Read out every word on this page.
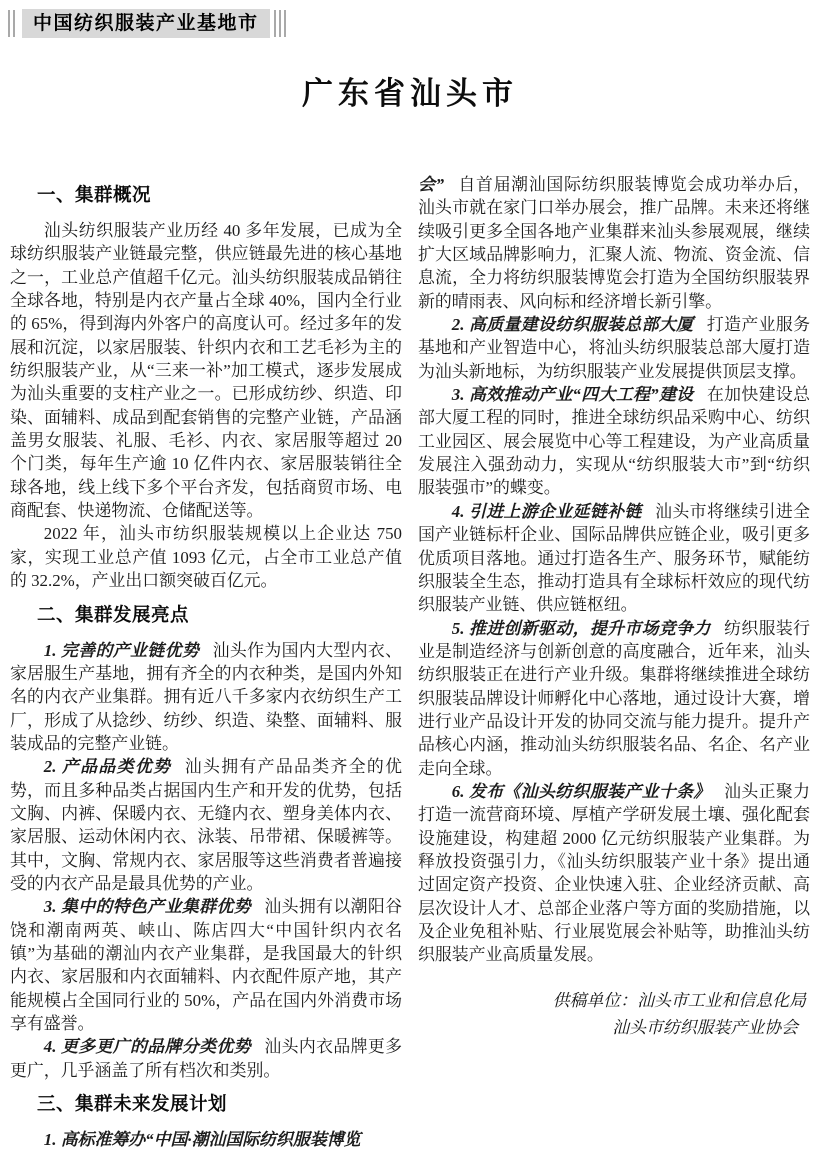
中国纺织服装产业基地市
广东省汕头市
一、集群概况

汕头纺织服装产业历经 40 多年发展，已成为全球纺织服装产业链最完整，供应链最先进的核心基地之一，工业总产值超千亿元。汕头纺织服装成品销往全球各地，特别是内衣产量占全球 40%，国内全行业的 65%，得到海内外客户的高度认可。经过多年的发展和沉淀，以家居服装、针织内衣和工艺毛衫为主的纺织服装产业，从“三来一补”加工模式，逐步发展成为汕头重要的支柱产业之一。已形成纺纱、织造、印染、面辅料、成品到配套销售的完整产业链，产品涵盖男女服装、礼服、毛衫、内衣、家居服等超过 20 个门类，每年生产逾 10 亿件内衣、家居服装销往全球各地，线上线下多个平台齐发，包括商贸市场、电商配套、快递物流、仓储配送等。

2022 年，汕头市纺织服装规模以上企业达 750 家，实现工业总产值 1093 亿元，占全市工业总产值的 32.2%，产业出口额突破百亿元。

二、集群发展亮点

1. 完善的产业链优势 汕头作为国内大型内衣、家居服生产基地，拥有齐全的内衣种类，是国内外知名的内衣产业集群。拥有近八千多家内衣纺织生产工厂，形成了从捻纱、纺纱、织造、染整、面辅料、服装成品的完整产业链。

2. 产品品类优势 汕头拥有产品品类齐全的优势，而且多种品类占据国内生产和开发的优势，包括文胸、内裤、保暖内衣、无缝内衣、塑身美体内衣、家居服、运动休闲内衣、泳装、吊带裙、保暖裤等。其中，文胸、常规内衣、家居服等这些消费者普遍接受的内衣产品是最具优势的产业。

3. 集中的特色产业集群优势 汕头拥有以潮阳谷饶和潮南两英、峡山、陈店四大“中国针织内衣名镇”为基础的潮汕内衣产业集群，是我国最大的针织内衣、家居服和内衣面辅料、内衣配件原产地，其产能规模占全国同行业的 50%，产品在国内外消费市场享有盛誉。

4. 更多更广的品牌分类优势 汕头内衣品牌更多更广，几乎涵盖了所有档次和类别。

三、集群未来发展计划

1. 高标准筹办“中国·潮汕国际纺织服装博览

会” 自首届潮汕国际纺织服装博览会成功举办后，汕头市就在家门口举办展会，推广品牌。未来还将继续吸引更多全国各地产业集群来汕头参展观展，继续扩大区域品牌影响力，汇聚人流、物流、资金流、信息流，全力将纺织服装博览会打造为全国纺织服装界新的晴雨表、风向标和经济增长新引擎。

2. 高质量建设纺织服装总部大厦 打造产业服务基地和产业智造中心，将汕头纺织服装总部大厦打造为汕头新地标，为纺织服装产业发展提供顶层支撑。

3. 高效推动产业“四大工程”建设 在加快建设总部大厦工程的同时，推进全球纺织品采购中心、纺织工业园区、展会展览中心等工程建设，为产业高质量发展注入强劲动力，实现从“纺织服装大市”到“纺织服装强市”的蝶变。

4. 引进上游企业延链补链 汕头市将继续引进全国产业链标杆企业、国际品牌供应链企业，吸引更多优质项目落地。通过打造各生产、服务环节，赋能纺织服装全生态，推动打造具有全球标杆效应的现代纺织服装产业链、供应链枢纽。

5. 推进创新驱动，提升市场竞争力 纺织服装行业是制造经济与创新创意的高度融合，近年来，汕头纺织服装正在进行产业升级。集群将继续推进全球纺织服装品牌设计师孵化中心落地，通过设计大赛，增进行业产品设计开发的协同交流与能力提升。提升产品核心内涵，推动汕头纺织服装名品、名企、名产业走向全球。

6. 发布《汕头纺织服装产业十条》 汕头正聚力打造一流营商环境、厚植产学研发展土壤、强化配套设施建设，构建超 2000 亿元纺织服装产业集群。为释放投资强引力，《汕头纺织服装产业十条》提出通过固定资产投资、企业快速入驻、企业经济贡献、高层次设计人才、总部企业落户等方面的奖励措施，以及企业免租补贴、行业展览展会补贴等，助推汕头纺织服装产业高质量发展。

供稿单位：汕头市工业和信息化局
汕头市纺织服装产业协会
